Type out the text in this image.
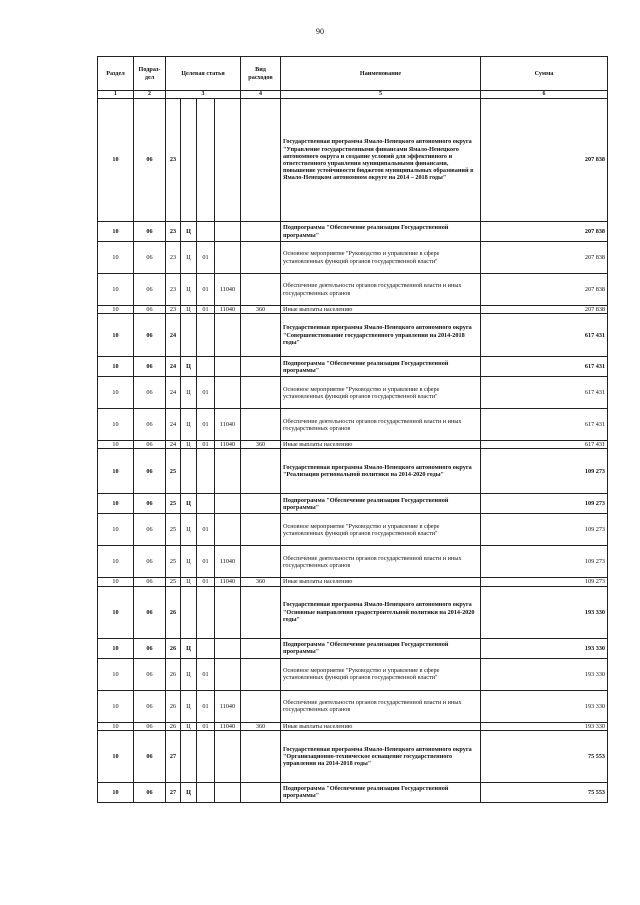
90
Раздел	Подраз-дел	Целевая статья				Вид расходов	Наименование	Сумма
1	2	3				4	5	6
10	06	23					Государственная программа Ямало-Ненецкого автономного округа "Управление государственными финансами Ямало-Ненецкого автономного округа и создание условий для эффективного и ответственного управления муниципальными финансами, повышение устойчивости бюджетов муниципальных образований в Ямало-Ненецком автономном округе на 2014 – 2018 годы"	207 838
10	06	23	Ц				Подпрограмма "Обеспечение реализации Государственной программы"	207 838
10	06	23	Ц	01			Основное мероприятие "Руководство и управление в сфере установленных функций органов государственной власти"	207 838
10	06	23	Ц	01	11040		Обеспечение деятельности органов государственной власти и иных государственных органов	207 838
10	06	23	Ц	01	11040	360	Иные выплаты населению	207 838
10	06	24					Государственная программа Ямало-Ненецкого автономного округа "Совершенствование государственного управления на 2014-2018 годы"	617 431
10	06	24	Ц				Подпрограмма "Обеспечение реализации Государственной программы"	617 431
10	06	24	Ц	01			Основное мероприятие "Руководство и управление в сфере установленных функций органов государственной власти"	617 431
10	06	24	Ц	01	11040		Обеспечение деятельности органов государственной власти и иных государственных органов	617 431
10	06	24	Ц	01	11040	360	Иные выплаты населению	617 431
10	06	25					Государственная программа Ямало-Ненецкого автономного округа "Реализация региональной политики на 2014-2020 годы"	109 273
10	06	25	Ц				Подпрограмма "Обеспечение реализации Государственной программы"	109 273
10	06	25	Ц	01			Основное мероприятие "Руководство и управление в сфере установленных функций органов государственной власти"	109 273
10	06	25	Ц	01	11040		Обеспечение деятельности органов государственной власти и иных государственных органов	109 273
10	06	25	Ц	01	11040	360	Иные выплаты населению	109 273
10	06	26					Государственная программа Ямало-Ненецкого автономного округа "Основные направления градостроительной политики на 2014-2020 годы"	193 330
10	06	26	Ц				Подпрограмма "Обеспечение реализации Государственной программы"	193 330
10	06	26	Ц	01			Основное мероприятие "Руководство и управление в сфере установленных функций органов государственной власти"	193 330
10	06	26	Ц	01	11040		Обеспечение деятельности органов государственной власти и иных государственных органов	193 330
10	06	26	Ц	01	11040	360	Иные выплаты населению	193 330
10	06	27					Государственная программа Ямало-Ненецкого автономного округа "Организационно-техническое оснащение государственного управления на 2014-2018 годы"	75 553
10	06	27	Ц				Подпрограмма "Обеспечение реализации Государственной программы"	75 553
